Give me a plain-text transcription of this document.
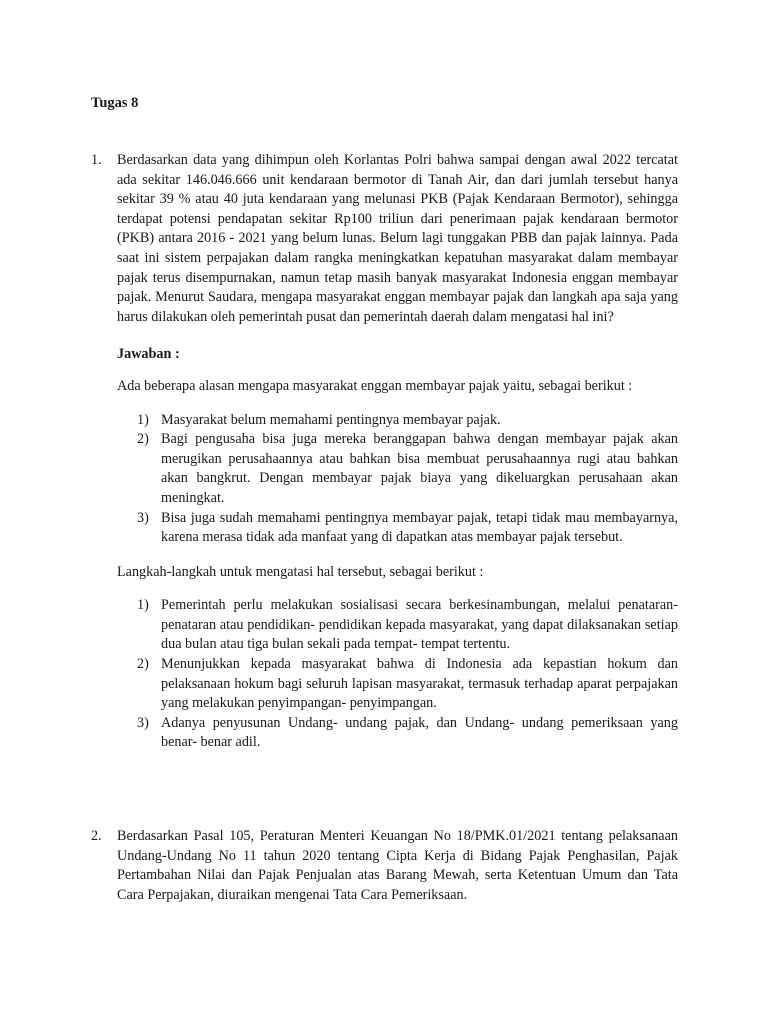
Tugas 8
1. Berdasarkan data yang dihimpun oleh Korlantas Polri bahwa sampai dengan awal 2022 tercatat ada sekitar 146.046.666 unit kendaraan bermotor di Tanah Air, dan dari jumlah tersebut hanya sekitar 39 % atau 40 juta kendaraan yang melunasi PKB (Pajak Kendaraan Bermotor), sehingga terdapat potensi pendapatan sekitar Rp100 triliun dari penerimaan pajak kendaraan bermotor (PKB) antara 2016 - 2021 yang belum lunas. Belum lagi tunggakan PBB dan pajak lainnya. Pada saat ini sistem perpajakan dalam rangka meningkatkan kepatuhan masyarakat dalam membayar pajak terus disempurnakan, namun tetap masih banyak masyarakat Indonesia enggan membayar pajak. Menurut Saudara, mengapa masyarakat enggan membayar pajak dan langkah apa saja yang harus dilakukan oleh pemerintah pusat dan pemerintah daerah dalam mengatasi hal ini?
Jawaban :
Ada beberapa alasan mengapa masyarakat enggan membayar pajak yaitu, sebagai berikut :
1) Masyarakat belum memahami pentingnya membayar pajak.
2) Bagi pengusaha bisa juga mereka beranggapan bahwa dengan membayar pajak akan merugikan perusahaannya atau bahkan bisa membuat perusahaannya rugi atau bahkan akan bangkrut. Dengan membayar pajak biaya yang dikeluargkan perusahaan akan meningkat.
3) Bisa juga sudah memahami pentingnya membayar pajak, tetapi tidak mau membayarnya, karena merasa tidak ada manfaat yang di dapatkan atas membayar pajak tersebut.
Langkah-langkah untuk mengatasi hal tersebut, sebagai berikut :
1) Pemerintah perlu melakukan sosialisasi secara berkesinambungan, melalui penataran- penataran atau pendidikan- pendidikan kepada masyarakat, yang dapat dilaksanakan setiap dua bulan atau tiga bulan sekali pada tempat- tempat tertentu.
2) Menunjukkan kepada masyarakat bahwa di Indonesia ada kepastian hokum dan pelaksanaan hokum bagi seluruh lapisan masyarakat, termasuk terhadap aparat perpajakan yang melakukan penyimpangan- penyimpangan.
3) Adanya penyusunan Undang- undang pajak, dan Undang- undang pemeriksaan yang benar- benar adil.
2. Berdasarkan Pasal 105, Peraturan Menteri Keuangan No 18/PMK.01/2021 tentang pelaksanaan Undang-Undang No 11 tahun 2020 tentang Cipta Kerja di Bidang Pajak Penghasilan, Pajak Pertambahan Nilai dan Pajak Penjualan atas Barang Mewah, serta Ketentuan Umum dan Tata Cara Perpajakan, diuraikan mengenai Tata Cara Pemeriksaan.
